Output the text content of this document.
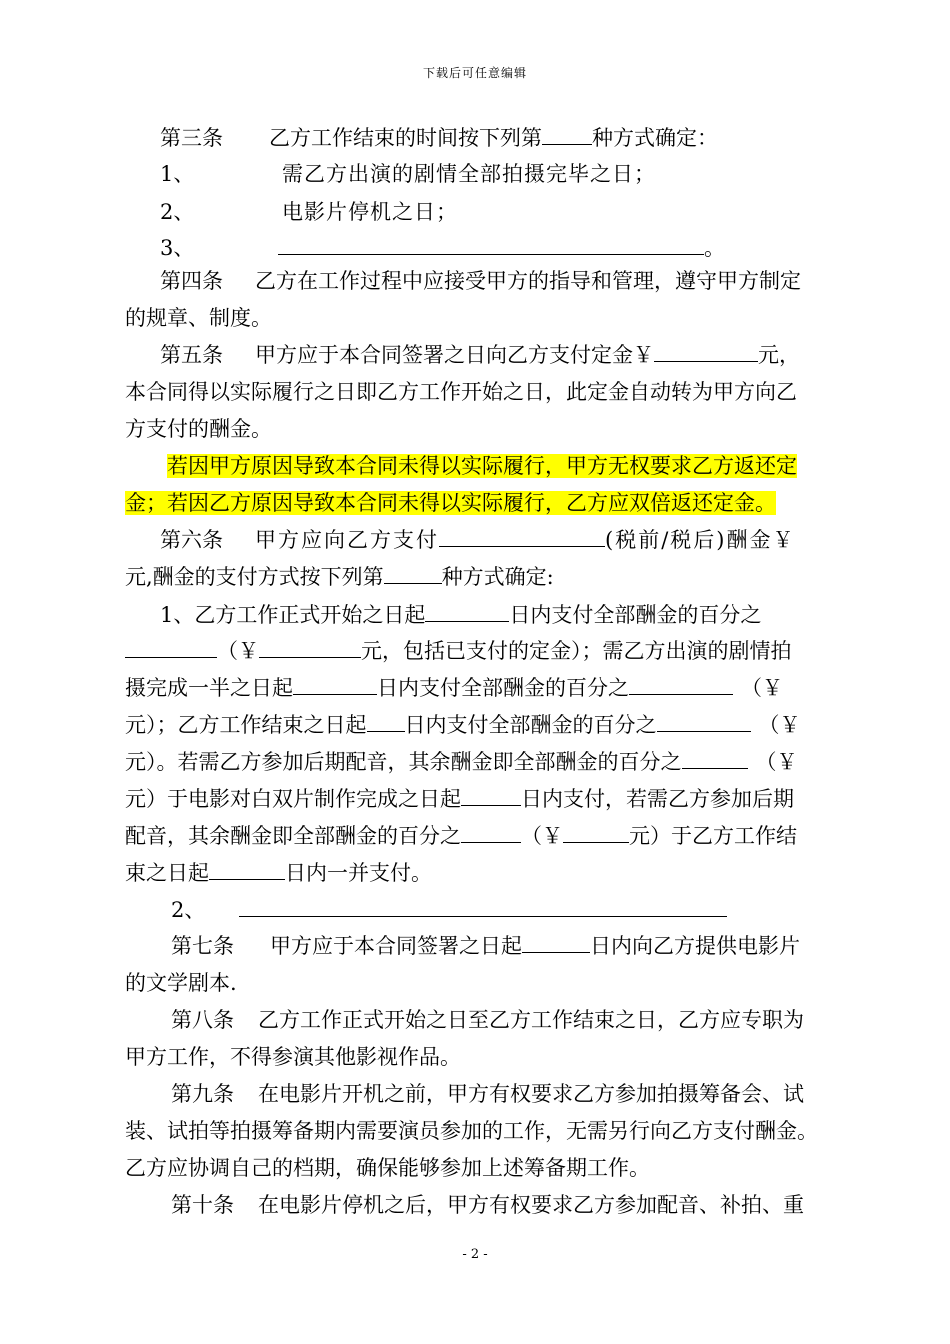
下载后可任意编辑
第三条 乙方工作结束的时间按下列第 种方式确定：
1、	需乙方出演的剧情全部拍摄完毕之日；
2、	电影片停机之日；
3、	。
第四条 乙方在工作过程中应接受甲方的指导和管理，遵守甲方制定
的规章、制度。
第五条 甲方应于本合同签署之日向乙方支付定金￥	元，
本合同得以实际履行之日即乙方工作开始之日，此定金自动转为甲方向乙
方支付的酬金。
若因甲方原因导致本合同未得以实际履行，甲方无权要求乙方返还定
金；若因乙方原因导致本合同未得以实际履行，乙方应双倍返还定金。
第六条 甲方应向乙方支付	(税前/税后)酬金￥
元,酬金的支付方式按下列第	种方式确定:
1、乙方工作正式开始之日起	日内支付全部酬金的百分之
（￥	元，包括已支付的定金）；需乙方出演的剧情拍
摄完成一半之日起	日内支付全部酬金的百分之	（￥
元）；乙方工作结束之日起 日内支付全部酬金的百分之	（￥
元）。若需乙方参加后期配音，其余酬金即全部酬金的百分之	（￥
元）于电影对白双片制作完成之日起	日内支付，若需乙方参加后期
配音，其余酬金即全部酬金的百分之	（￥	元）于乙方工作结
束之日起	日内一并支付。
2、
第七条 甲方应于本合同签署之日起	日内向乙方提供电影片
的文学剧本.
第八条 乙方工作正式开始之日至乙方工作结束之日，乙方应专职为
甲方工作，不得参演其他影视作品。
第九条 在电影片开机之前，甲方有权要求乙方参加拍摄筹备会、试
装、试拍等拍摄筹备期内需要演员参加的工作，无需另行向乙方支付酬金。
乙方应协调自己的档期，确保能够参加上述筹备期工作。
第十条 在电影片停机之后，甲方有权要求乙方参加配音、补拍、重
- 2 -
